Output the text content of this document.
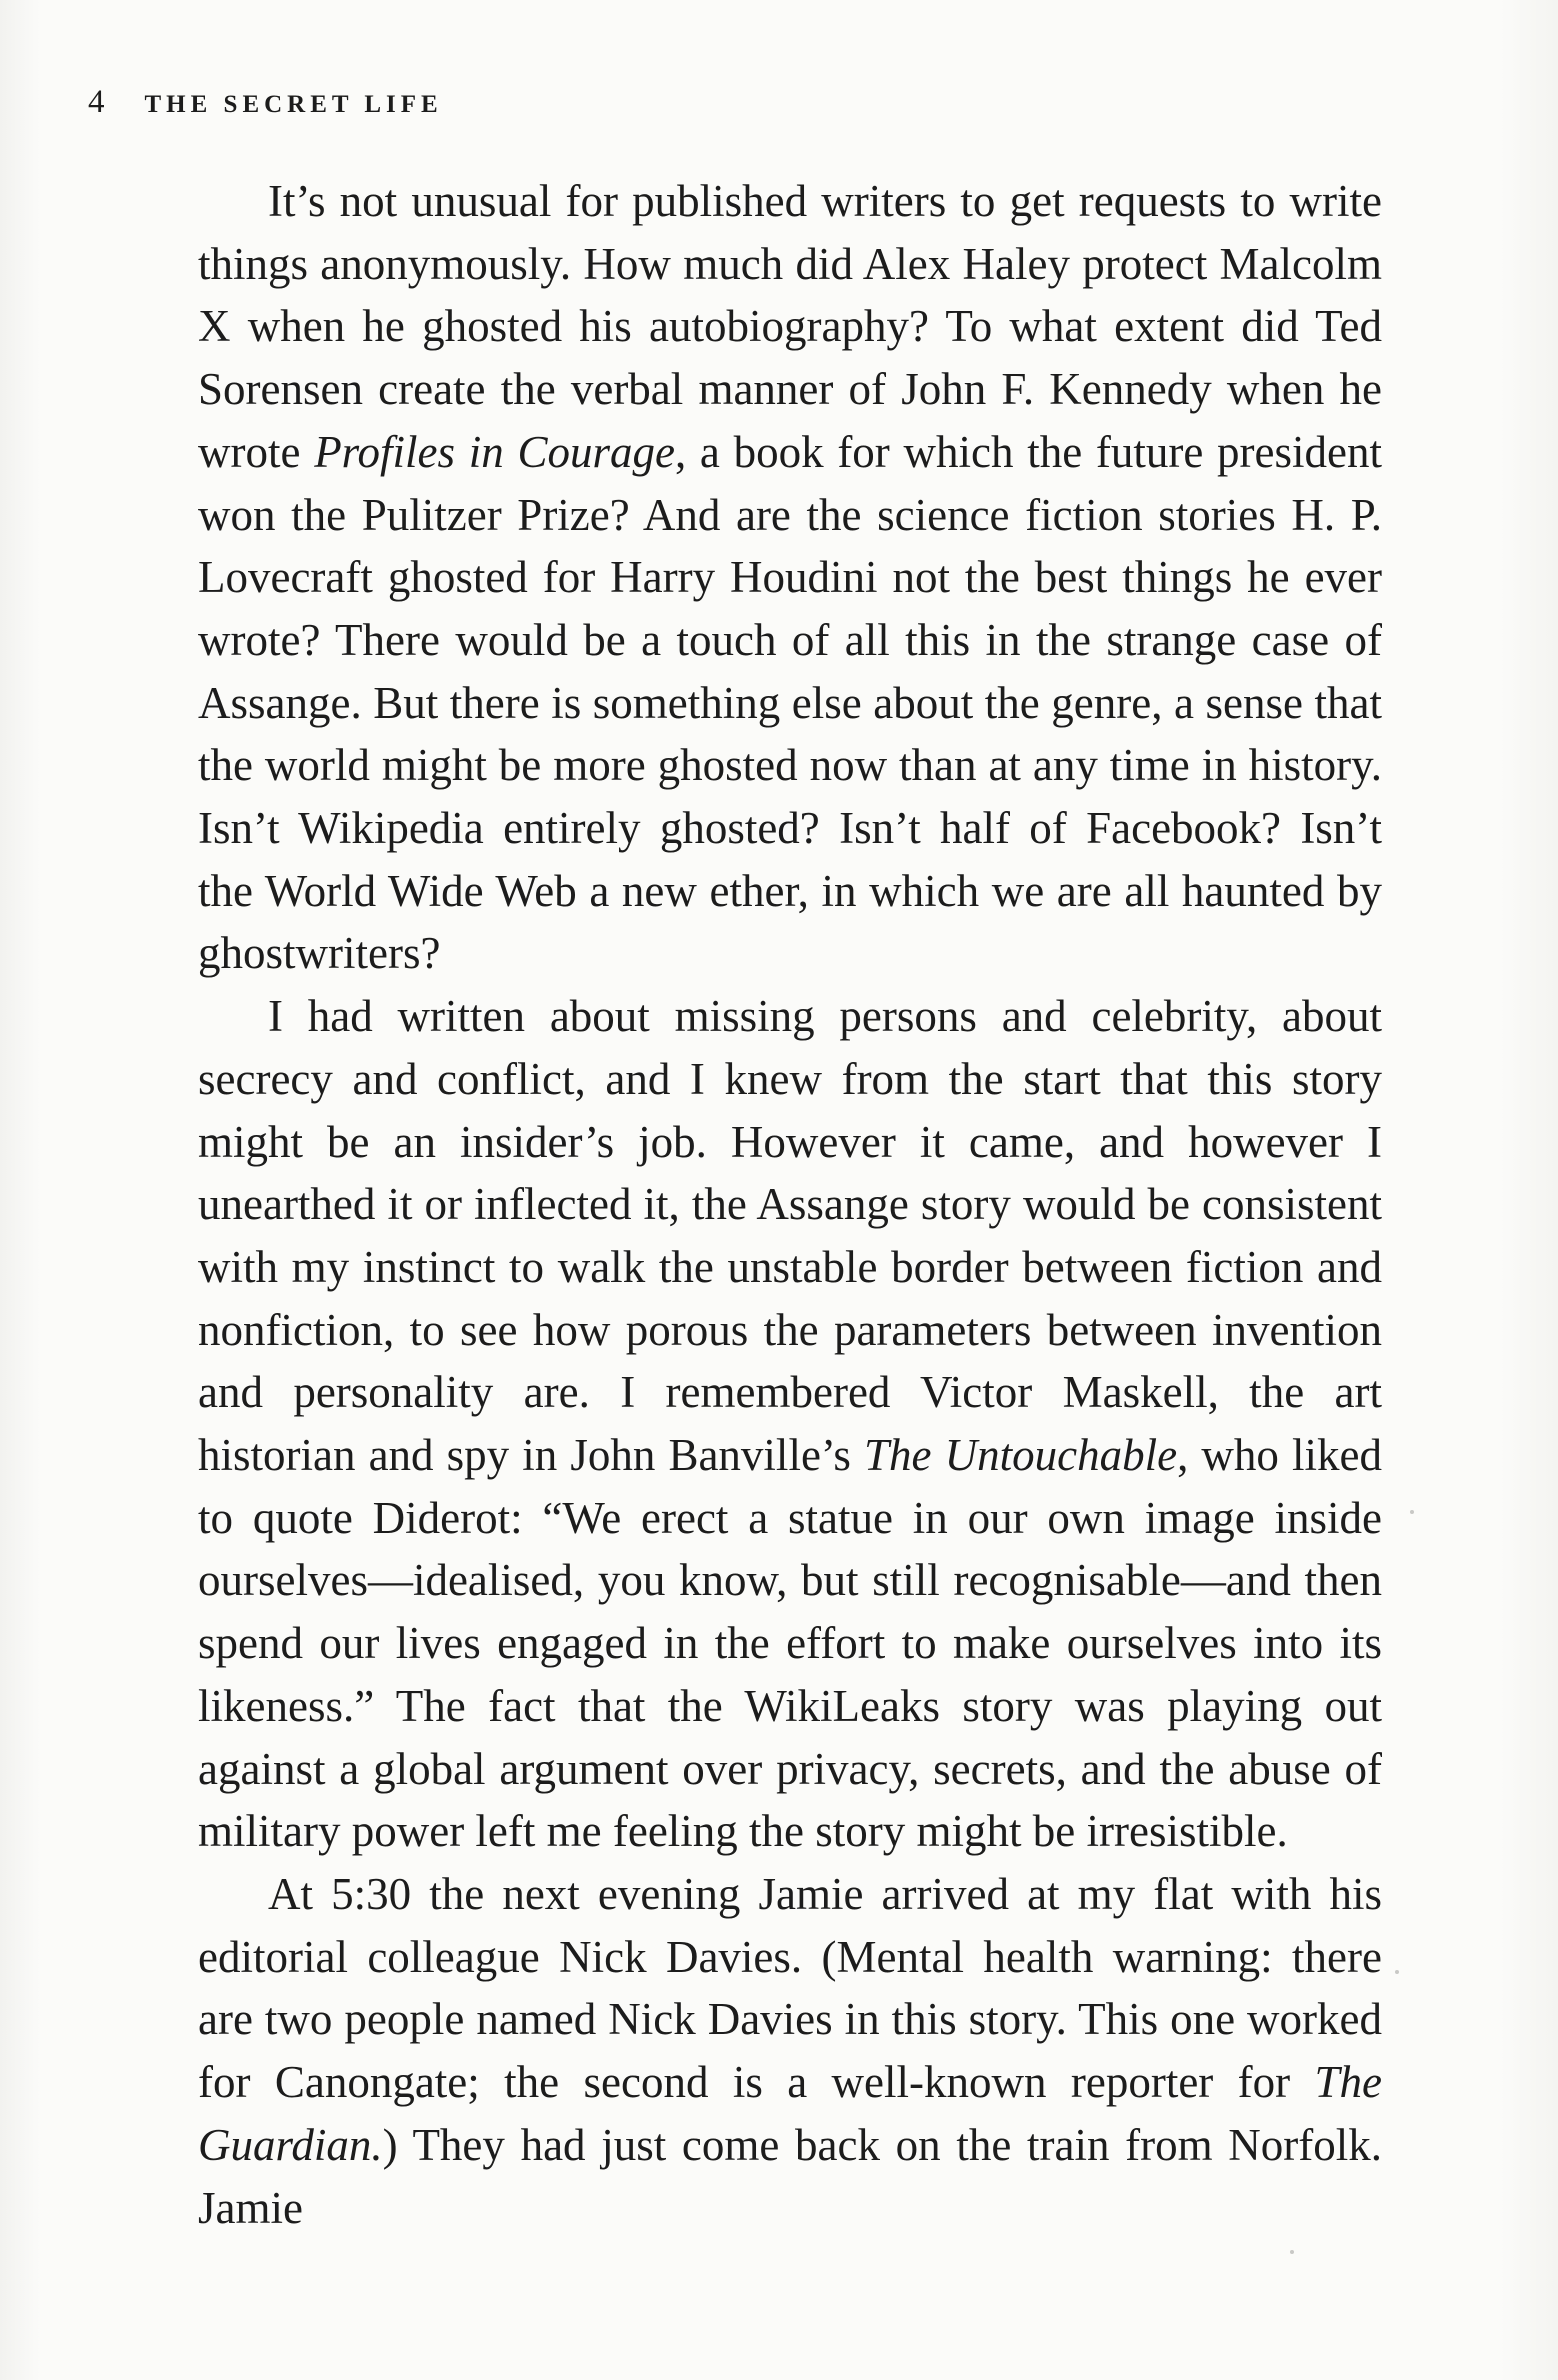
4 THE SECRET LIFE

It’s not unusual for published writers to get requests to write things anonymously. How much did Alex Haley protect Malcolm X when he ghosted his autobiography? To what extent did Ted Sorensen create the verbal manner of John F. Kennedy when he wrote Profiles in Courage, a book for which the future president won the Pulitzer Prize? And are the science fiction stories H. P. Lovecraft ghosted for Harry Houdini not the best things he ever wrote? There would be a touch of all this in the strange case of Assange. But there is something else about the genre, a sense that the world might be more ghosted now than at any time in history. Isn’t Wikipedia entirely ghosted? Isn’t half of Facebook? Isn’t the World Wide Web a new ether, in which we are all haunted by ghostwriters?

I had written about missing persons and celebrity, about secrecy and conflict, and I knew from the start that this story might be an insider’s job. However it came, and however I unearthed it or inflected it, the Assange story would be consistent with my instinct to walk the unstable border between fiction and nonfiction, to see how porous the parameters between invention and personality are. I remembered Victor Maskell, the art historian and spy in John Banville’s The Untouchable, who liked to quote Diderot: “We erect a statue in our own image inside ourselves—idealised, you know, but still recognisable—and then spend our lives engaged in the effort to make ourselves into its likeness.” The fact that the WikiLeaks story was playing out against a global argument over privacy, secrets, and the abuse of military power left me feeling the story might be irresistible.

At 5:30 the next evening Jamie arrived at my flat with his editorial colleague Nick Davies. (Mental health warning: there are two people named Nick Davies in this story. This one worked for Canongate; the second is a well-known reporter for The Guardian.) They had just come back on the train from Norfolk. Jamie
